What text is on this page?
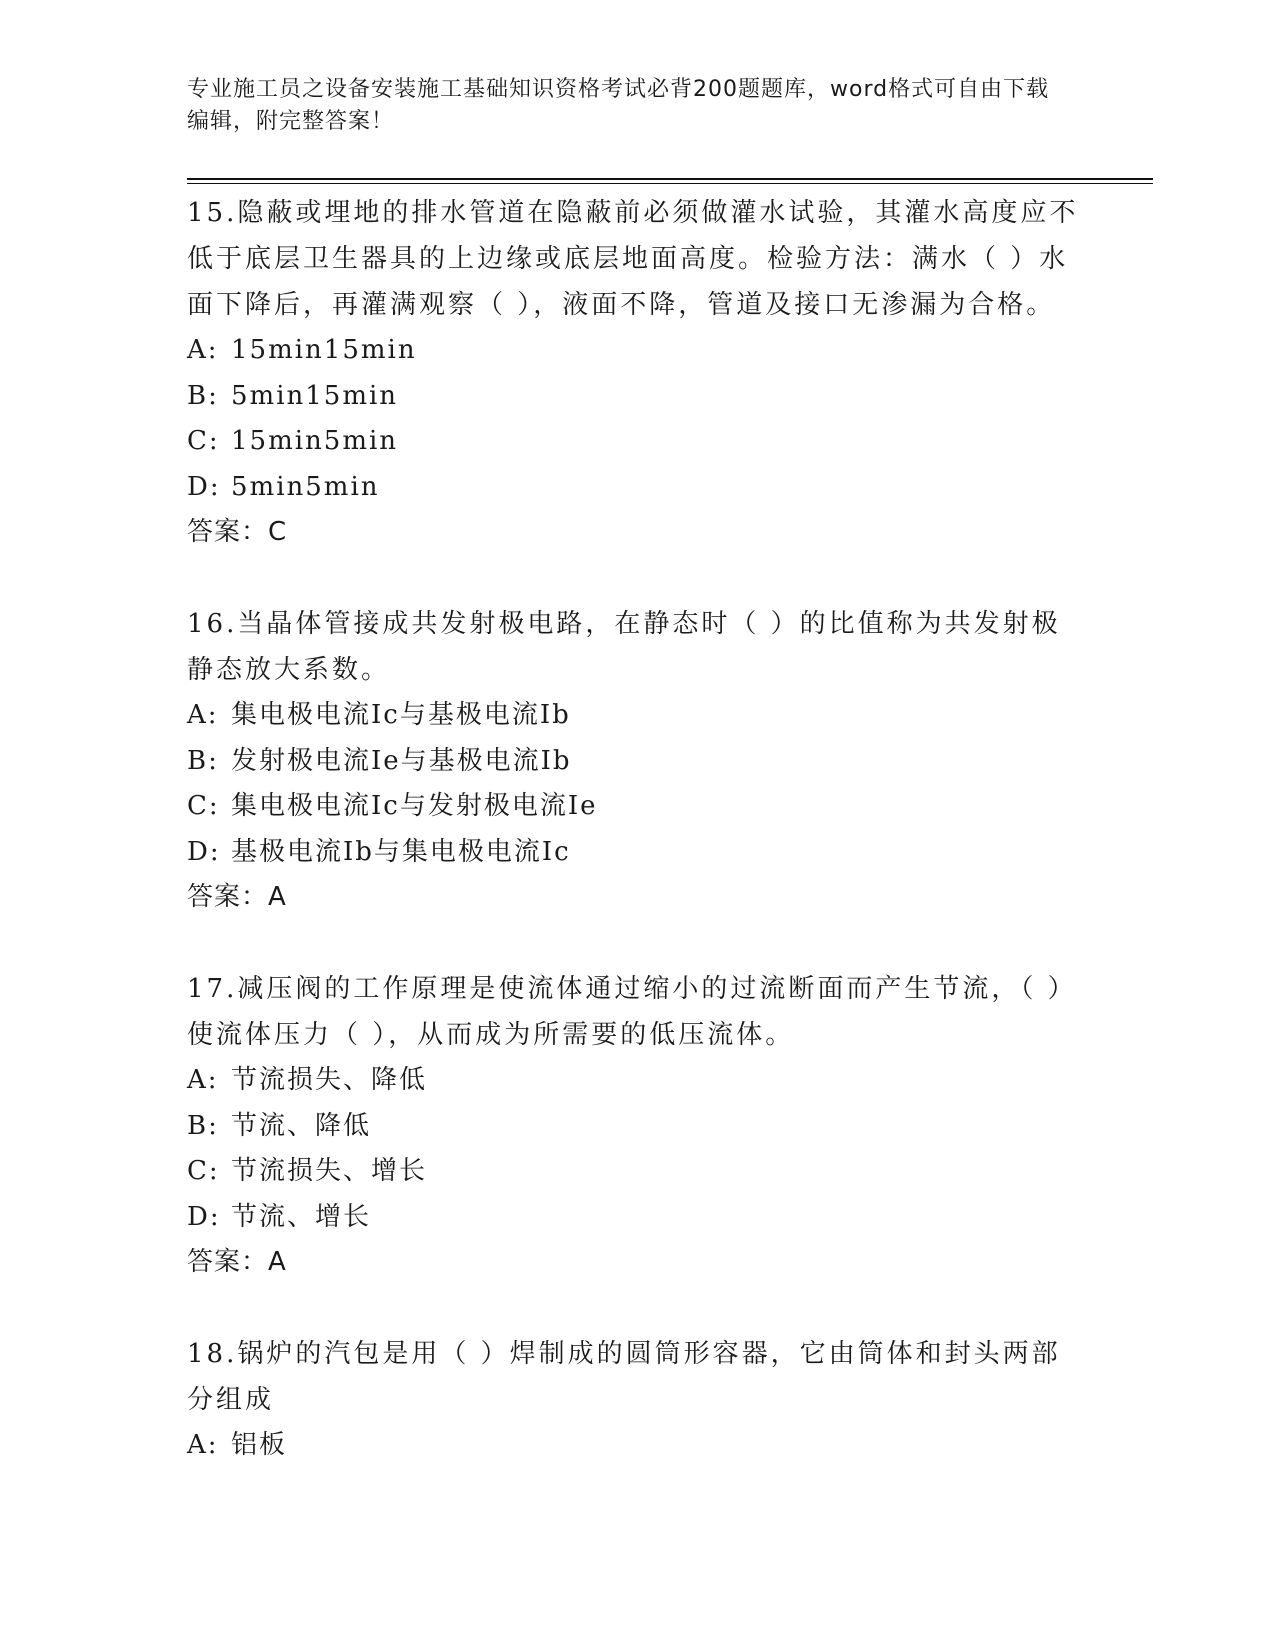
专业施工员之设备安装施工基础知识资格考试必背200题题库，word格式可自由下载编辑，附完整答案！

15.隐蔽或埋地的排水管道在隐蔽前必须做灌水试验，其灌水高度应不低于底层卫生器具的上边缘或底层地面高度。检验方法：满水（ ）水面下降后，再灌满观察（ ），液面不降，管道及接口无渗漏为合格。

A: 15min15min

B: 5min15min

C: 15min5min

D: 5min5min

答案：C

16.当晶体管接成共发射极电路，在静态时（ ）的比值称为共发射极静态放大系数。

A: 集电极电流Ic与基极电流Ib

B: 发射极电流Ie与基极电流Ib

C: 集电极电流Ic与发射极电流Ie

D: 基极电流Ib与集电极电流Ic

答案：A

17.减压阀的工作原理是使流体通过缩小的过流断面而产生节流，（ ）使流体压力（ ），从而成为所需要的低压流体。

A: 节流损失、降低

B: 节流、降低

C: 节流损失、增长

D: 节流、增长

答案：A

18.锅炉的汽包是用（ ）焊制成的圆筒形容器，它由筒体和封头两部分组成

A: 铝板
